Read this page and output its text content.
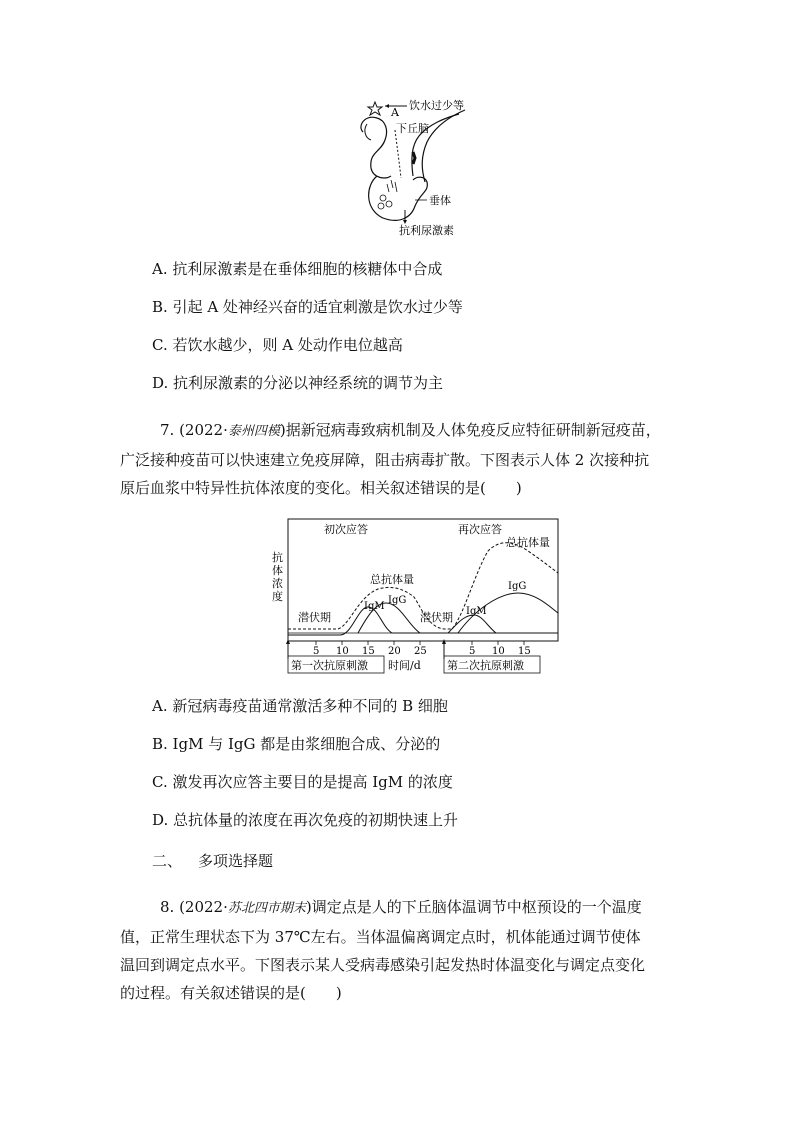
A
饮水过少等
下丘脑
垂体
抗利尿激素
A. 抗利尿激素是在垂体细胞的核糖体中合成
B. 引起 A 处神经兴奋的适宜刺激是饮水过少等
C. 若饮水越少，则 A 处动作电位越高
D. 抗利尿激素的分泌以神经系统的调节为主
7. (2022·泰州四模)据新冠病毒致病机制及人体免疫反应特征研制新冠疫苗，
广泛接种疫苗可以快速建立免疫屏障，阻击病毒扩散。下图表示人体 2 次接种抗
原后血浆中特异性抗体浓度的变化。相关叙述错误的是(　　)
抗
体
浓
度
初次应答	再次应答
总抗体量
总抗体量
潜伏期	潜伏期
IgM
IgG
IgM
IgG
5 10 15 20 25	5 10 15
第一次抗原刺激 时间/d 第二次抗原刺激
A. 新冠病毒疫苗通常激活多种不同的 B 细胞
B. IgM 与 IgG 都是由浆细胞合成、分泌的
C. 激发再次应答主要目的是提高 IgM 的浓度
D. 总抗体量的浓度在再次免疫的初期快速上升
二、 多项选择题
8. (2022·苏北四市期末)调定点是人的下丘脑体温调节中枢预设的一个温度
值，正常生理状态下为 37℃左右。当体温偏离调定点时，机体能通过调节使体
温回到调定点水平。下图表示某人受病毒感染引起发热时体温变化与调定点变化
的过程。有关叙述错误的是(　　)
